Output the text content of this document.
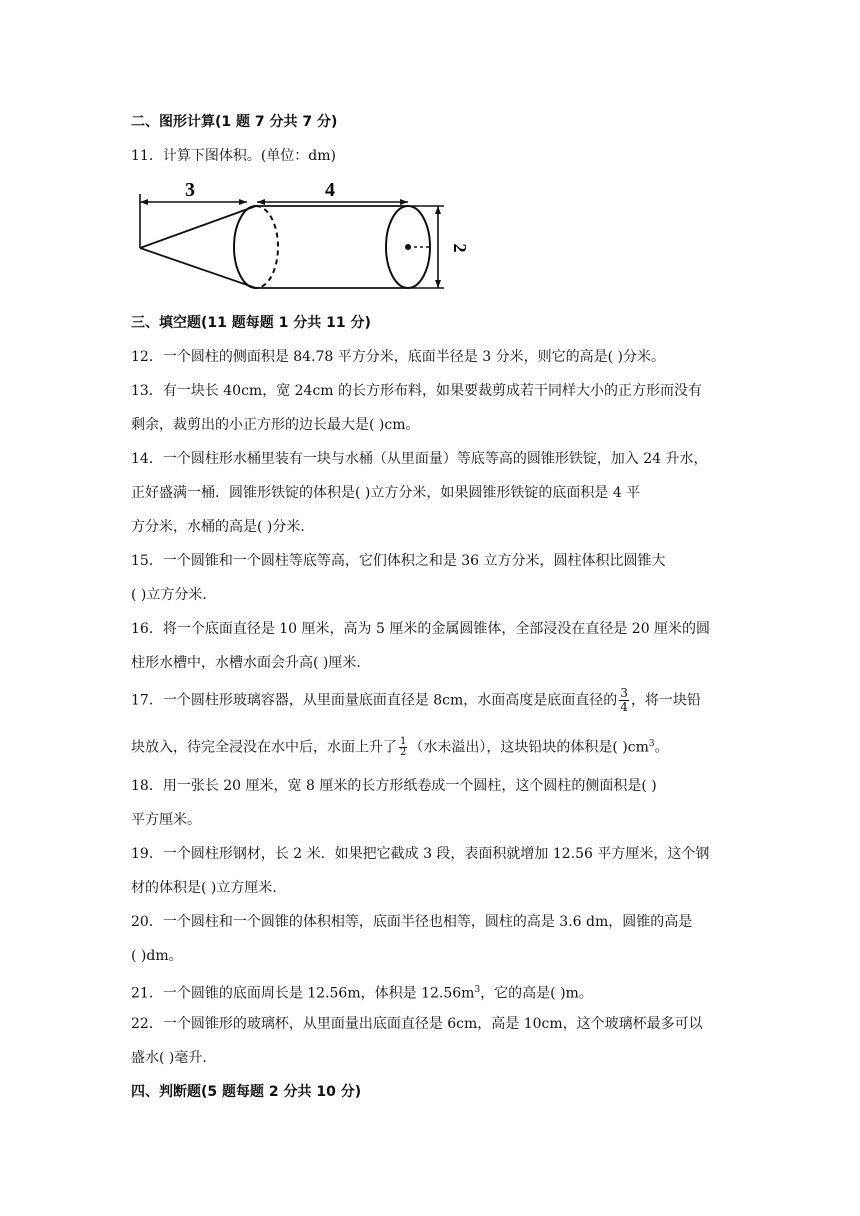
二、图形计算(1 题 7 分共 7 分)
11．计算下图体积。(单位：dm)
3	4
2
三、填空题(11 题每题 1 分共 11 分)
12．一个圆柱的侧面积是 84.78 平方分米，底面半径是 3 分米，则它的高是( )分米。
13．有一块长 40cm，宽 24cm 的长方形布料，如果要裁剪成若干同样大小的正方形而没有
剩余，裁剪出的小正方形的边长最大是( )cm。
14．一个圆柱形水桶里装有一块与水桶（从里面量）等底等高的圆锥形铁锭，加入 24 升水，
正好盛满一桶．圆锥形铁锭的体积是( )立方分米，如果圆锥形铁锭的底面积是 4 平
方分米，水桶的高是( )分米．
15．一个圆锥和一个圆柱等底等高，它们体积之和是 36 立方分米，圆柱体积比圆锥大
( )立方分米．
16．将一个底面直径是 10 厘米，高为 5 厘米的金属圆锥体，全部浸没在直径是 20 厘米的圆
柱形水槽中，水槽水面会升高( )厘米．
17．一个圆柱形玻璃容器，从里面量底面直径是 8cm，水面高度是底面直径的 $\frac{3}{4}$ ，将一块铅
块放入，待完全浸没在水中后，水面上升了 $\frac{1}{2}$ （水未溢出），这块铅块的体积是( )$cm^3$。
18．用一张长 20 厘米，宽 8 厘米的长方形纸卷成一个圆柱，这个圆柱的侧面积是( )
平方厘米。
19．一个圆柱形钢材，长 2 米．如果把它截成 3 段，表面积就增加 12.56 平方厘米，这个钢
材的体积是( )立方厘米．
20．一个圆柱和一个圆锥的体积相等，底面半径也相等，圆柱的高是 3.6 dm，圆锥的高是
( )dm。
21．一个圆锥的底面周长是 12.56m，体积是 $12.56m^3$，它的高是( )m。
22．一个圆锥形的玻璃杯，从里面量出底面直径是 6cm，高是 10cm，这个玻璃杯最多可以
盛水( )毫升．
四、判断题(5 题每题 2 分共 10 分)
